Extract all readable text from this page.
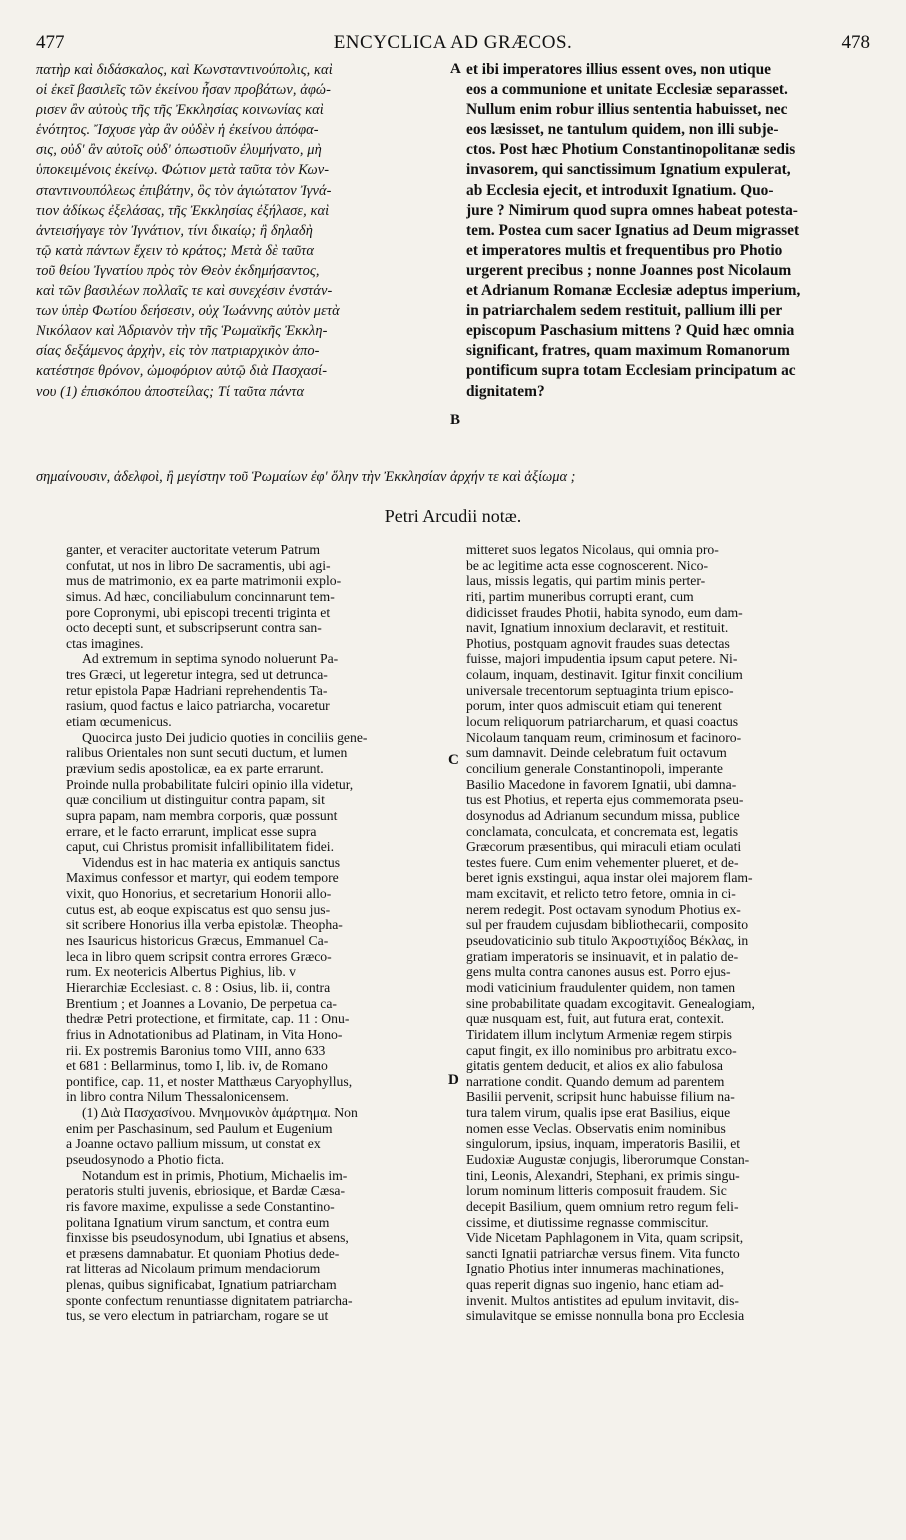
477	ENCYCLICA AD GRÆCOS.	478

πατὴρ καὶ διδάσκαλος, καὶ Κωνσταντινούπολις, καὶ

οἱ ἐκεῖ βασιλεῖς τῶν ἐκείνου ἦσαν προβάτων, ἀφώ-

ρισεν ἂν αὐτοὺς τῆς τῆς Ἐκκλησίας κοινωνίας καὶ

ἑνότητος. Ἴσχυσε γὰρ ἂν οὐδὲν ἡ ἐκείνου ἀπόφα-

σις, οὐδ' ἂν αὐτοῖς οὐδ' ὁπωστιοῦν ἐλυμήνατο, μὴ

ὑποκειμένοις ἐκείνῳ. Φώτιον μετὰ ταῦτα τὸν Κων-

σταντινουπόλεως ἐπιβάτην, ὃς τὸν ἁγιώτατον Ἰγνά-

τιον ἀδίκως ἐξελάσας, τῆς Ἐκκλησίας ἐξήλασε, καὶ

ἀντεισήγαγε τὸν Ἰγνάτιον, τίνι δικαίῳ; ἢ δηλαδὴ

τῷ κατὰ πάντων ἔχειν τὸ κράτος; Μετὰ δὲ ταῦτα

τοῦ θείου Ἰγνατίου πρὸς τὸν Θεὸν ἐκδημήσαντος,

καὶ τῶν βασιλέων πολλαῖς τε καὶ συνεχέσιν ἐνστάν-

των ὑπὲρ Φωτίου δεήσεσιν, οὐχ Ἰωάννης αὐτὸν μετὰ

Νικόλαον καὶ Ἀδριανὸν τὴν τῆς Ῥωμαϊκῆς Ἐκκλη-

σίας δεξάμενος ἀρχὴν, εἰς τὸν πατριαρχικὸν ἀπο-

κατέστησε θρόνον, ὠμοφόριον αὐτῷ διὰ Πασχασί-

νου (1) ἐπισκόπου ἀποστείλας; Τί ταῦτα πάντα

et ibi imperatores illius essent oves, non utique

eos a communione et unitate Ecclesiæ separasset.

Nullum enim robur illius sententia habuisset, nec

eos læsisset, ne tantulum quidem, non illi subje-

ctos. Post hæc Photium Constantinopolitanæ sedis

invasorem, qui sanctissimum Ignatium expulerat,

ab Ecclesia ejecit, et introduxit Ignatium. Quo-

jure ? Nimirum quod supra omnes habeat potesta-

tem. Postea cum sacer Ignatius ad Deum migrasset

et imperatores multis et frequentibus pro Photio

urgerent precibus ; nonne Joannes post Nicolaum

et Adrianum Romanæ Ecclesiæ adeptus imperium,

in patriarchalem sedem restituit, pallium illi per

episcopum Paschasium mittens ? Quid hæc omnia

significant, fratres, quam maximum Romanorum

pontificum supra totam Ecclesiam principatum ac

dignitatem?

σημαίνουσιν, ἀδελφοὶ, ἢ μεγίστην τοῦ Ῥωμαίων ἐφ' ὅλην τὴν Ἐκκλησίαν ἀρχήν τε καὶ ἀξίωμα ;
A
B
Petri Arcudii notæ.

ganter, et veraciter auctoritate veterum Patrum

confutat, ut nos in libro De sacramentis, ubi agi-

mus de matrimonio, ex ea parte matrimonii explo-

simus. Ad hæc, conciliabulum concinnarunt tem-

pore Copronymi, ubi episcopi trecenti triginta et

octo decepti sunt, et subscripserunt contra san-

ctas imagines.

Ad extremum in septima synodo noluerunt Pa-

tres Græci, ut legeretur integra, sed ut detrunca-

retur epistola Papæ Hadriani reprehendentis Ta-

rasium, quod factus e laico patriarcha, vocaretur

etiam œcumenicus.

Quocirca justo Dei judicio quoties in conciliis gene-

ralibus Orientales non sunt secuti ductum, et lumen

prævium sedis apostolicæ, ea ex parte errarunt.

Proinde nulla probabilitate fulciri opinio illa videtur,

quæ concilium ut distinguitur contra papam, sit

supra papam, nam membra corporis, quæ possunt

errare, et le facto errarunt, implicat esse supra

caput, cui Christus promisit infallibilitatem fidei.

Videndus est in hac materia ex antiquis sanctus

Maximus confessor et martyr, qui eodem tempore

vixit, quo Honorius, et secretarium Honorii allo-

cutus est, ab eoque expiscatus est quo sensu jus-

sit scribere Honorius illa verba epistolæ. Theopha-

nes Isauricus historicus Græcus, Emmanuel Ca-

leca in libro quem scripsit contra errores Græco-

rum. Ex neotericis Albertus Pighius, lib. v

Hierarchiæ Ecclesiast. c. 8 : Osius, lib. ii, contra

Brentium ; et Joannes a Lovanio, De perpetua ca-

thedræ Petri protectione, et firmitate, cap. 11 : Onu-

frius in Adnotationibus ad Platinam, in Vita Hono-

rii. Ex postremis Baronius tomo VIII, anno 633

et 681 : Bellarminus, tomo I, lib. iv, de Romano

pontifice, cap. 11, et noster Matthæus Caryophyllus,

in libro contra Nilum Thessalonicensem.

(1) Διὰ Πασχασίνου. Μνημονικὸν ἁμάρτημα. Non

enim per Paschasinum, sed Paulum et Eugenium

a Joanne octavo pallium missum, ut constat ex

pseudosynodo a Photio ficta.

Notandum est in primis, Photium, Michaelis im-

peratoris stulti juvenis, ebriosique, et Bardæ Cæsa-

ris favore maxime, expulisse a sede Constantino-

politana Ignatium virum sanctum, et contra eum

finxisse bis pseudosynodum, ubi Ignatius et absens,

et præsens damnabatur. Et quoniam Photius dede-

rat litteras ad Nicolaum primum mendaciorum

plenas, quibus significabat, Ignatium patriarcham

sponte confectum renuntiasse dignitatem patriarcha-

tus, se vero electum in patriarcham, rogare se ut

mitteret suos legatos Nicolaus, qui omnia pro-

be ac legitime acta esse cognoscerent. Nico-

laus, missis legatis, qui partim minis perter-

riti, partim muneribus corrupti erant, cum

didicisset fraudes Photii, habita synodo, eum dam-

navit, Ignatium innoxium declaravit, et restituit.

Photius, postquam agnovit fraudes suas detectas

fuisse, majori impudentia ipsum caput petere. Ni-

colaum, inquam, destinavit. Igitur finxit concilium

universale trecentorum septuaginta trium episco-

porum, inter quos admiscuit etiam qui tenerent

locum reliquorum patriarcharum, et quasi coactus

Nicolaum tanquam reum, criminosum et facinoro-

sum damnavit. Deinde celebratum fuit octavum

concilium generale Constantinopoli, imperante

Basilio Macedone in favorem Ignatii, ubi damna-

tus est Photius, et reperta ejus commemorata pseu-

dosynodus ad Adrianum secundum missa, publice

conclamata, conculcata, et concremata est, legatis

Græcorum præsentibus, qui miraculi etiam oculati

testes fuere. Cum enim vehementer plueret, et de-

beret ignis exstingui, aqua instar olei majorem flam-

mam excitavit, et relicto tetro fetore, omnia in ci-

nerem redegit. Post octavam synodum Photius ex-

sul per fraudem cujusdam bibliothecarii, composito

pseudovaticinio sub titulo Ἀκροστιχίδος Βέκλας, in

gratiam imperatoris se insinuavit, et in palatio de-

gens multa contra canones ausus est. Porro ejus-

modi vaticinium fraudulenter quidem, non tamen

sine probabilitate quadam excogitavit. Genealogiam,

quæ nusquam est, fuit, aut futura erat, contexit.

Tiridatem illum inclytum Armeniæ regem stirpis

caput fingit, ex illo nominibus pro arbitratu exco-

gitatis gentem deducit, et alios ex alio fabulosa

narratione condit. Quando demum ad parentem

Basilii pervenit, scripsit hunc habuisse filium na-

tura talem virum, qualis ipse erat Basilius, eique

nomen esse Veclas. Observatis enim nominibus

singulorum, ipsius, inquam, imperatoris Basilii, et

Eudoxiæ Augustæ conjugis, liberorumque Constan-

tini, Leonis, Alexandri, Stephani, ex primis singu-

lorum nominum litteris composuit fraudem. Sic

decepit Basilium, quem omnium retro regum feli-

cissime, et diutissime regnasse commiscitur.

Vide Nicetam Paphlagonem in Vita, quam scripsit,

sancti Ignatii patriarchæ versus finem. Vita functo

Ignatio Photius inter innumeras machinationes,

quas reperit dignas suo ingenio, hanc etiam ad-

invenit. Multos antistites ad epulum invitavit, dis-

simulavitque se emisse nonnulla bona pro Ecclesia

C
D
